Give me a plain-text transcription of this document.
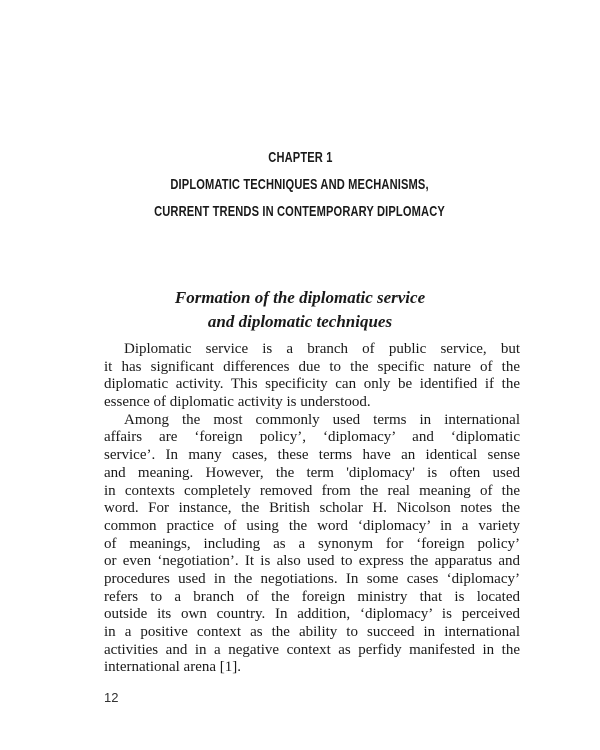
CHAPTER 1
DIPLOMATIC TECHNIQUES AND MECHANISMS,
CURRENT TRENDS IN CONTEMPORARY DIPLOMACY
Formation of the diplomatic service
and diplomatic techniques
Diplomatic service is a branch of public service, but
it has significant differences due to the specific nature of the
diplomatic activity. This specificity can only be identified if the
essence of diplomatic activity is understood.
Among the most commonly used terms in international
affairs are ‘foreign policy’, ‘diplomacy’ and ‘diplomatic
service’. In many cases, these terms have an identical sense
and meaning. However, the term 'diplomacy' is often used
in contexts completely removed from the real meaning of the
word. For instance, the British scholar H. Nicolson notes the
common practice of using the word ‘diplomacy’ in a variety
of meanings, including as a synonym for ‘foreign policy’
or even ‘negotiation’. It is also used to express the apparatus and
procedures used in the negotiations. In some cases ‘diplomacy’
refers to a branch of the foreign ministry that is located
outside its own country. In addition, ‘diplomacy’ is perceived
in a positive context as the ability to succeed in international
activities and in a negative context as perfidy manifested in the
international arena [1].
12
